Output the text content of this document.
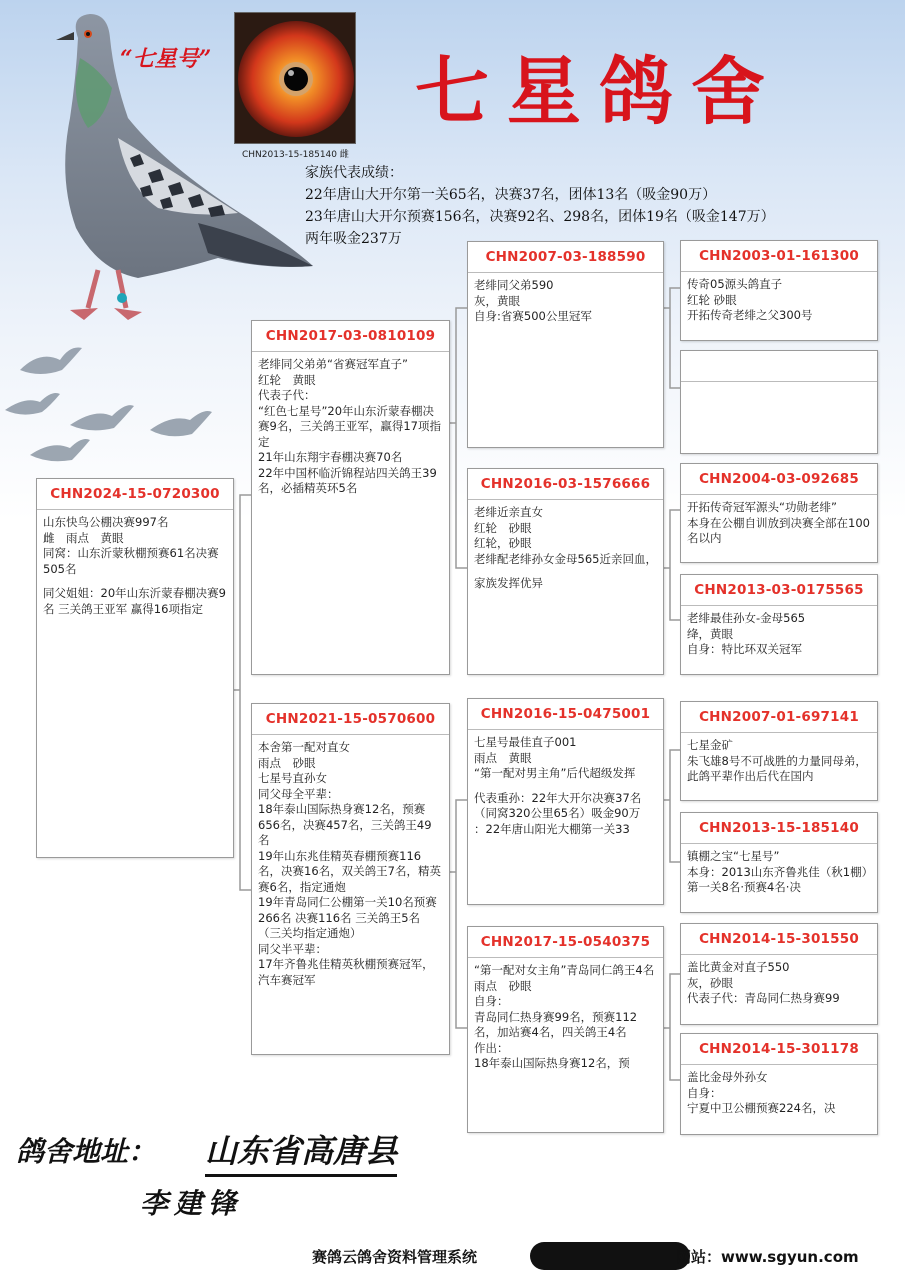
“七星号”
CHN2013-15-185140 雌
七星鸽舍
家族代表成绩：
22年唐山大开尔第一关65名，决赛37名，团体13名（吸金90万）
23年唐山大开尔预赛156名，决赛92名、298名，团体19名（吸金147万）
两年吸金237万
CHN2024-15-0720300
山东快鸟公棚决赛997名
雌　雨点　黄眼
同窝：山东沂蒙秋棚预赛61名决赛505名
同父姐姐：20年山东沂蒙春棚决赛9名 三关鸽王亚军 赢得16项指定
CHN2017-03-0810109
老绯同父弟弟“省赛冠军直子”
红轮　黄眼
代表子代：
“红色七星号”20年山东沂蒙春棚决赛9名，三关鸽王亚军，赢得17项指定
21年山东翔宇春棚决赛70名
22年中国杯临沂锦程站四关鸽王39名，必插精英环5名
CHN2021-15-0570600
本舍第一配对直女
雨点　砂眼
七星号直孙女
同父母全平辈：
18年泰山国际热身赛12名，预赛656名，决赛457名，三关鸽王49名
19年山东兆佳精英春棚预赛116名，决赛16名，双关鸽王7名，精英赛6名，指定通炮
19年青岛同仁公棚第一关10名预赛266名 决赛116名 三关鸽王5名（三关均指定通炮）
同父半平辈：
17年齐鲁兆佳精英秋棚预赛冠军，汽车赛冠军
CHN2007-03-188590
老绯同父弟590
灰，黄眼
自身:省赛500公里冠军
CHN2016-03-1576666
老绯近亲直女
红轮　砂眼
红轮，砂眼
老绯配老绯孙女金母565近亲回血，
家族发挥优异
CHN2016-15-0475001
七星号最佳直子001
雨点　黄眼
“第一配对男主角”后代超级发挥
代表重孙：22年大开尔决赛37名（同窝320公里65名）吸金90万
：22年唐山阳光大棚第一关33
CHN2017-15-0540375
“第一配对女主角”青岛同仁鸽王4名
雨点　砂眼
自身：
青岛同仁热身赛99名，预赛112名，加站赛4名，四关鸽王4名
作出：
18年泰山国际热身赛12名，预
CHN2003-01-161300
传奇05源头鸽直子
红轮 砂眼
开拓传奇老绯之父300号
CHN2004-03-092685
开拓传奇冠军源头“功勋老绯”
本身在公棚自训放到决赛全部在100名以内
CHN2013-03-0175565
老绯最佳孙女-金母565
绛，黄眼
自身：特比环双关冠军
CHN2007-01-697141
七星金矿
朱飞雄8号不可战胜的力量同母弟，此鸽平辈作出后代在国内
CHN2013-15-185140
镇棚之宝“七星号”
本身：2013山东齐鲁兆佳（秋1棚）第一关8名·预赛4名·决
CHN2014-15-301550
盖比黄金对直子550
灰，砂眼
代表子代：青岛同仁热身赛99
CHN2014-15-301178
盖比金母外孙女
自身：
宁夏中卫公棚预赛224名，决
鸽舍地址： 山东省高唐县
李建锋
赛鸽云鸽舍资料管理系统	网站：www.sgyun.com
